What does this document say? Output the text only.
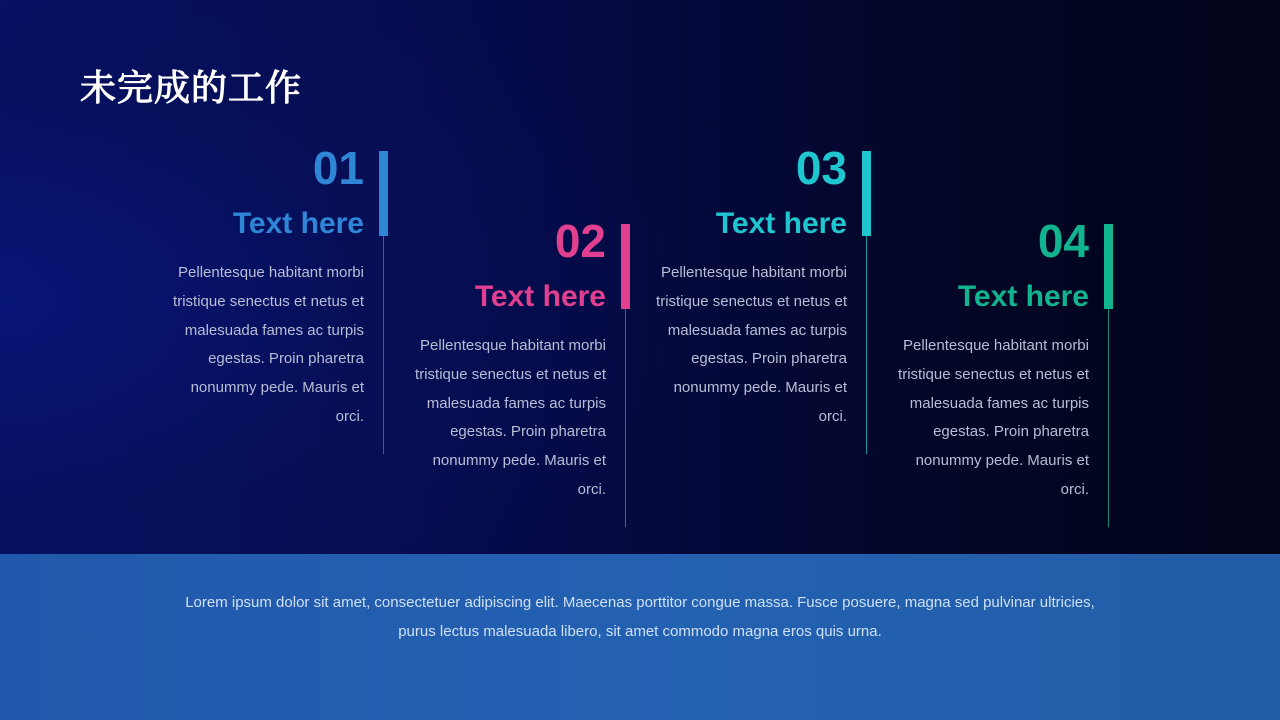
未完成的工作

01

Text here

Pellentesque habitant morbi tristique senectus et netus et malesuada fames ac turpis egestas. Proin pharetra nonummy pede. Mauris et orci.

02

Text here

Pellentesque habitant morbi tristique senectus et netus et malesuada fames ac turpis egestas. Proin pharetra nonummy pede. Mauris et orci.

03

Text here

Pellentesque habitant morbi tristique senectus et netus et malesuada fames ac turpis egestas. Proin pharetra nonummy pede. Mauris et orci.

04

Text here

Pellentesque habitant morbi tristique senectus et netus et malesuada fames ac turpis egestas. Proin pharetra nonummy pede. Mauris et orci.

Lorem ipsum dolor sit amet, consectetuer adipiscing elit. Maecenas porttitor congue massa. Fusce posuere, magna sed pulvinar ultricies, purus lectus malesuada libero, sit amet commodo magna eros quis urna.
